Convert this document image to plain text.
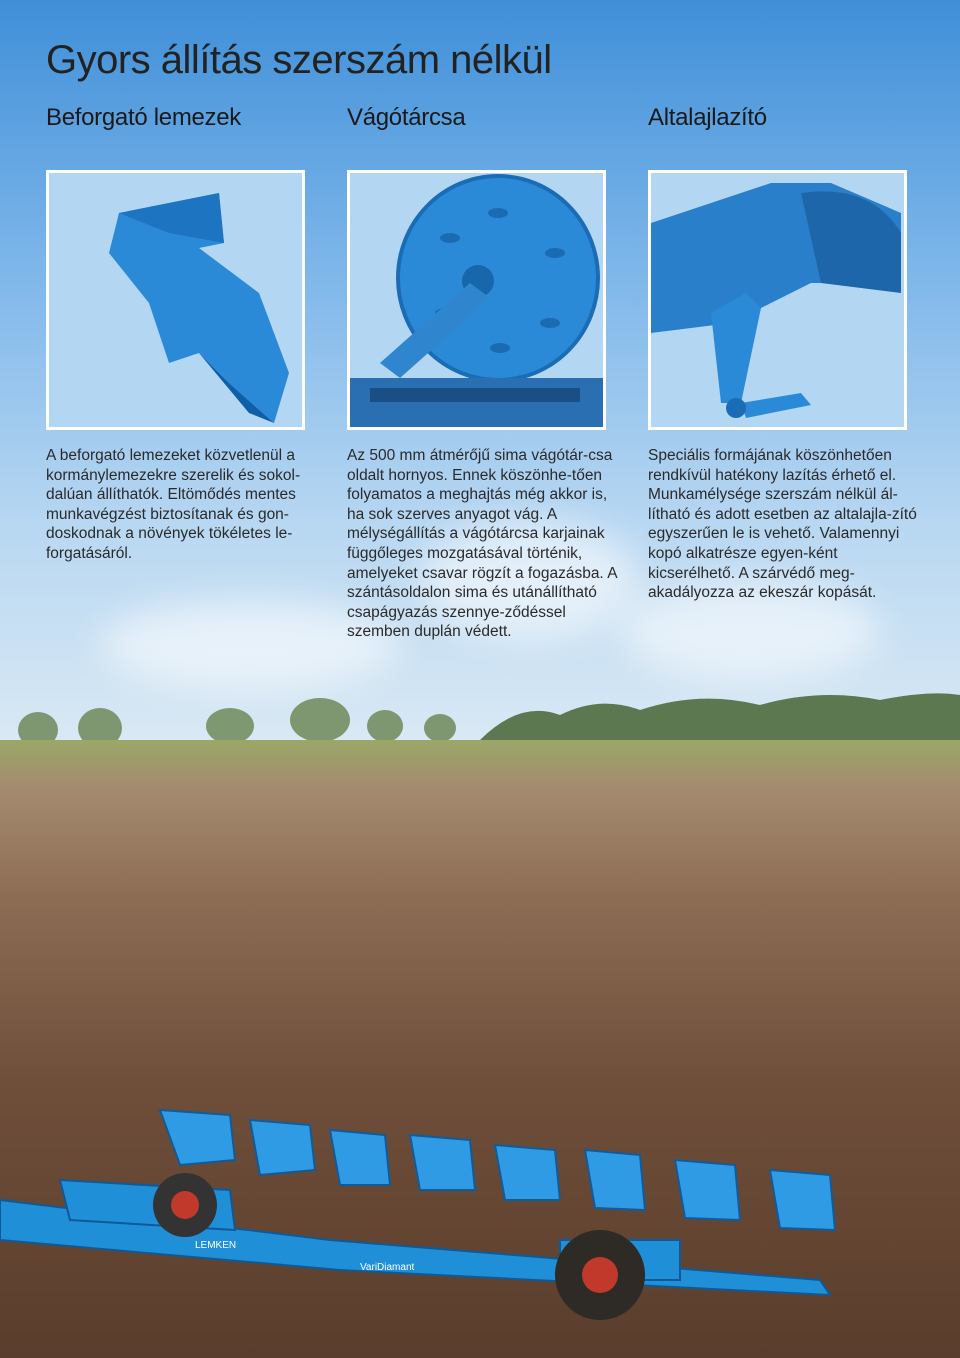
Gyors állítás szerszám nélkül
Beforgató lemezek	Vágótárcsa	Altalajlazító

A beforgató lemezeket közvetlenül a kormánylemezekre szerelik és sokol-dalúan állíthatók. Eltömődés mentes munkavégzést biztosítanak és gon-doskodnak a növények tökéletes le-forgatásáról.

Az 500 mm átmérőjű sima vágótár-csa oldalt hornyos. Ennek köszönhe-tően folyamatos a meghajtás még akkor is, ha sok szerves anyagot vág. A mélységállítás a vágótárcsa karjainak függőleges mozgatásával történik, amelyeket csavar rögzít a fogazásba. A szántásoldalon sima és utánállítható csapágyazás szennye-ződéssel szemben duplán védett.

Speciális formájának köszönhetően rendkívül hatékony lazítás érhető el. Munkamélysége szerszám nélkül ál-lítható és adott esetben az altalajla-zító egyszerűen le is vehető. Valamennyi kopó alkatrésze egyen-ként kicserélhető. A szárvédő meg-akadályozza az ekeszár kopását.

LEMKEN
VariDiamant
